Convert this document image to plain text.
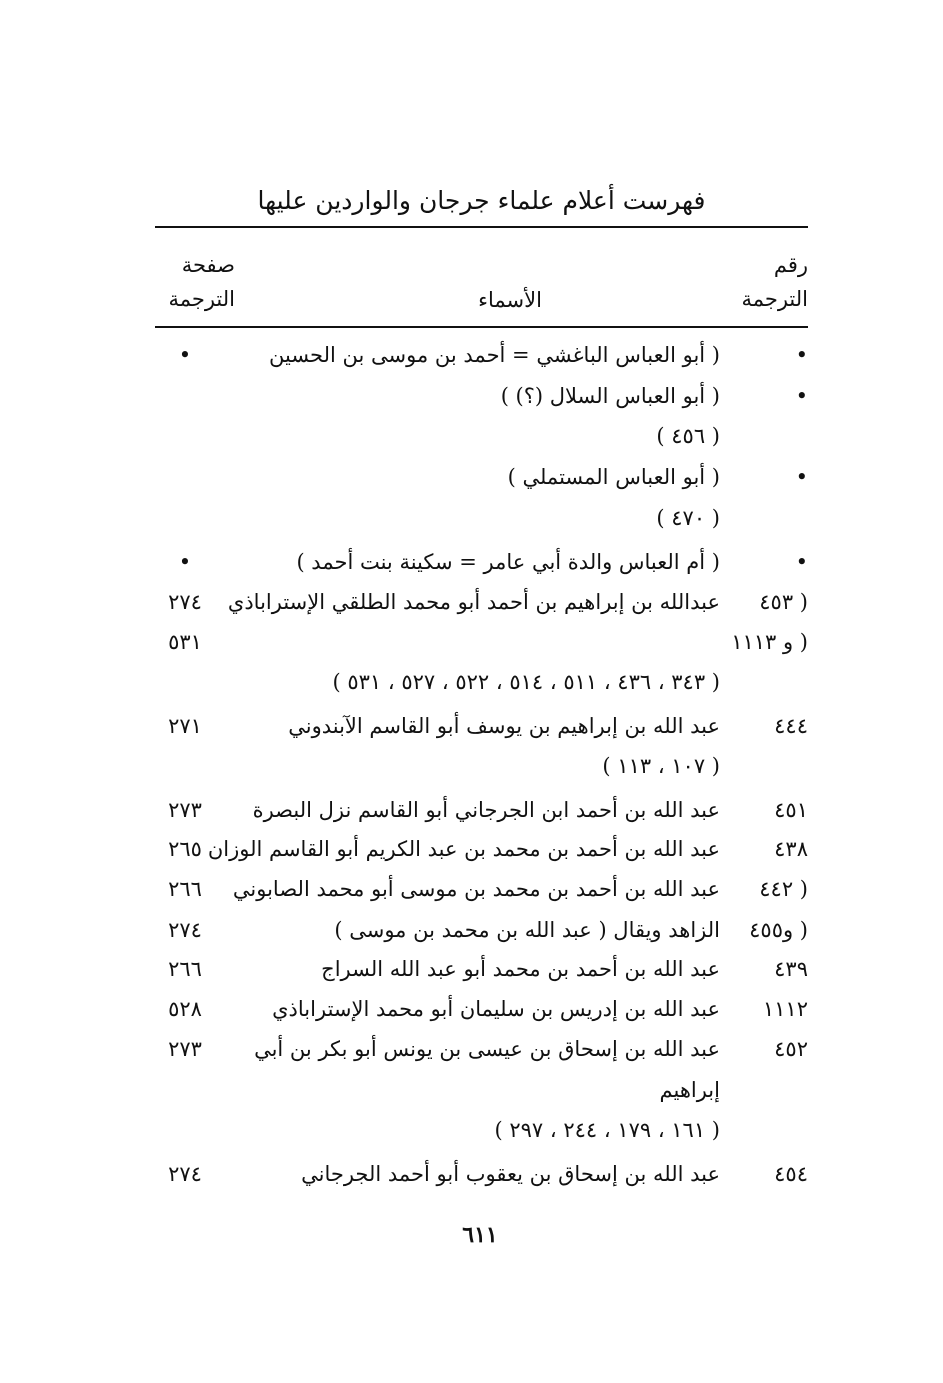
فهرست أعلام علماء جرجان والواردين عليها
رقم
الترجمة
الأسماء
صفحة
الترجمة
•
( أبو العباس الباغشي = أحمد بن موسى بن الحسين
•
•
( أبو العباس السلال (؟) )
( ٤٥٦ )
•
( أبو العباس المستملي )
( ٤٧٠ )
•
( أم العباس والدة أبي عامر = سكينة بنت أحمد )
•
( ٤٥٣
عبدالله بن إبراهيم بن أحمد أبو محمد الطلقي الإستراباذي
٢٧٤
( و ١١١٣
٥٣١
( ٣٤٣ ، ٤٣٦ ، ٥١١ ، ٥١٤ ، ٥٢٢ ، ٥٢٧ ، ٥٣١ )
٤٤٤
عبد الله بن إبراهيم بن يوسف أبو القاسم الآبندوني
٢٧١
( ١٠٧ ، ١١٣ )
٤٥١
عبد الله بن أحمد ابن الجرجاني أبو القاسم نزل البصرة
٢٧٣
٤٣٨
عبد الله بن أحمد بن محمد بن عبد الكريم أبو القاسم الوزان
٢٦٥
( ٤٤٢
عبد الله بن أحمد بن محمد بن موسى أبو محمد الصابوني
٢٦٦
( و٤٥٥
الزاهد ويقال ( عبد الله بن محمد بن موسى )
٢٧٤
٤٣٩
عبد الله بن أحمد بن محمد أبو عبد الله السراج
٢٦٦
١١١٢
عبد الله بن إدريس بن سليمان أبو محمد الإستراباذي
٥٢٨
٤٥٢
عبد الله بن إسحاق بن عيسى بن يونس أبو بكر بن أبي
٢٧٣
إبراهيم
( ١٦١ ، ١٧٩ ، ٢٤٤ ، ٢٩٧ )
٤٥٤
عبد الله بن إسحاق بن يعقوب أبو أحمد الجرجاني
٢٧٤
٦١١
